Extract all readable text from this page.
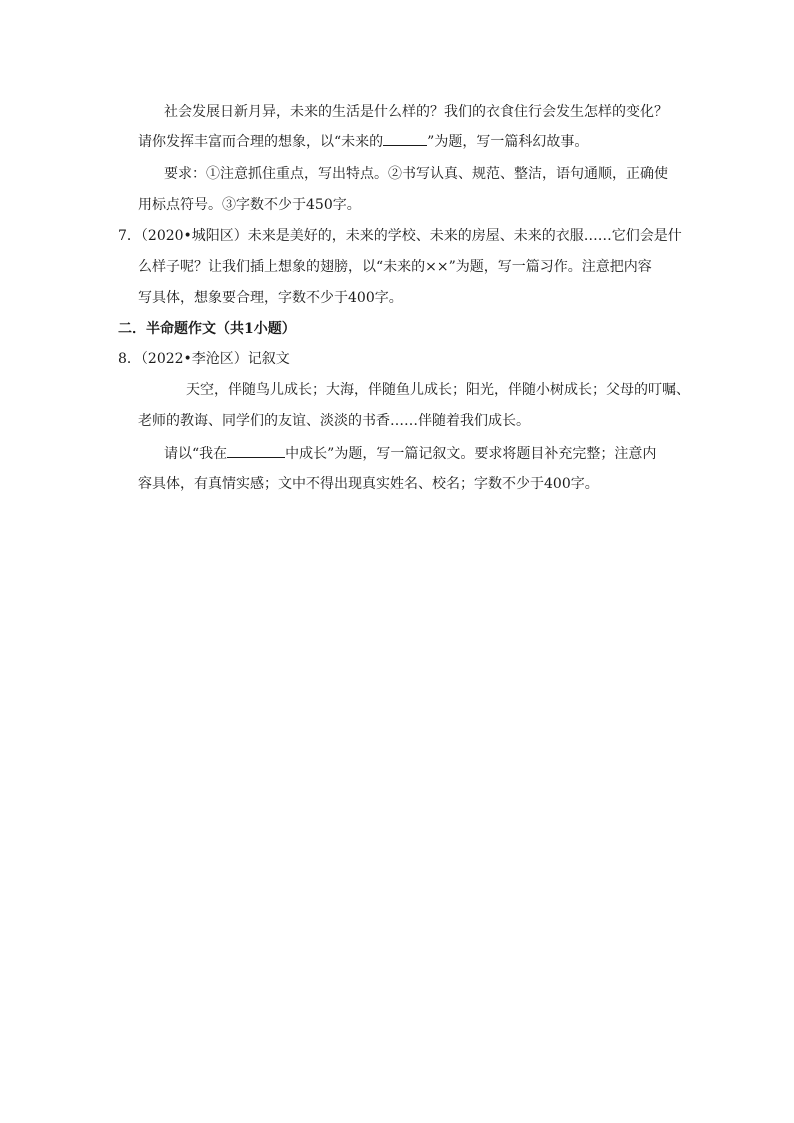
社会发展日新月异，未来的生活是什么样的？我们的衣食住行会发生怎样的变化？
请你发挥丰富而合理的想象，以“未来的	”为题，写一篇科幻故事。
要求：①注意抓住重点，写出特点。②书写认真、规范、整洁，语句通顺，正确使
用标点符号。③字数不少于450字。
7．（2020•城阳区）未来是美好的，未来的学校、未来的房屋、未来的衣服……它们会是什
么样子呢？让我们插上想象的翅膀，以“未来的××”为题，写一篇习作。注意把内容
写具体，想象要合理，字数不少于400字。
二．半命题作文（共1小题）
8．（2022•李沧区）记叙文
天空，伴随鸟儿成长；大海，伴随鱼儿成长；阳光，伴随小树成长；父母的叮嘱、
老师的教诲、同学们的友谊、淡淡的书香……伴随着我们成长。
请以“我在	中成长”为题，写一篇记叙文。要求将题目补充完整；注意内
容具体，有真情实感；文中不得出现真实姓名、校名；字数不少于400字。
